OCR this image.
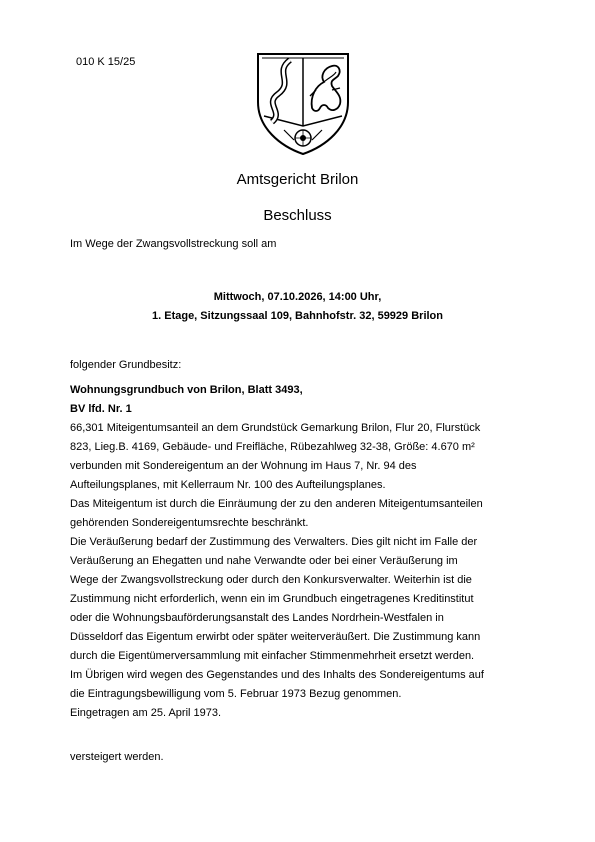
010 K 15/25
Amtsgericht Brilon
Beschluss
Im Wege der Zwangsvollstreckung soll am
Mittwoch, 07.10.2026, 14:00 Uhr,
1. Etage, Sitzungssaal 109, Bahnhofstr. 32, 59929 Brilon
folgender Grundbesitz:

Wohnungsgrundbuch von Brilon, Blatt 3493,

BV lfd. Nr. 1

66,301 Miteigentumsanteil an dem Grundstück Gemarkung Brilon, Flur 20, Flurstück

823, Lieg.B. 4169, Gebäude- und Freifläche, Rübezahlweg 32-38, Größe: 4.670 m²

verbunden mit Sondereigentum an der Wohnung im Haus 7, Nr. 94 des

Aufteilungsplanes, mit Kellerraum Nr. 100 des Aufteilungsplanes.

Das Miteigentum ist durch die Einräumung der zu den anderen Miteigentumsanteilen

gehörenden Sondereigentumsrechte beschränkt.

Die Veräußerung bedarf der Zustimmung des Verwalters. Dies gilt nicht im Falle der

Veräußerung an Ehegatten und nahe Verwandte oder bei einer Veräußerung im

Wege der Zwangsvollstreckung oder durch den Konkursverwalter. Weiterhin ist die

Zustimmung nicht erforderlich, wenn ein im Grundbuch eingetragenes Kreditinstitut

oder die Wohnungsbauförderungsanstalt des Landes Nordrhein-Westfalen in

Düsseldorf das Eigentum erwirbt oder später weiterveräußert. Die Zustimmung kann

durch die Eigentümerversammlung mit einfacher Stimmenmehrheit ersetzt werden.

Im Übrigen wird wegen des Gegenstandes und des Inhalts des Sondereigentums auf

die Eintragungsbewilligung vom 5. Februar 1973 Bezug genommen.

Eingetragen am 25. April 1973.

versteigert werden.
